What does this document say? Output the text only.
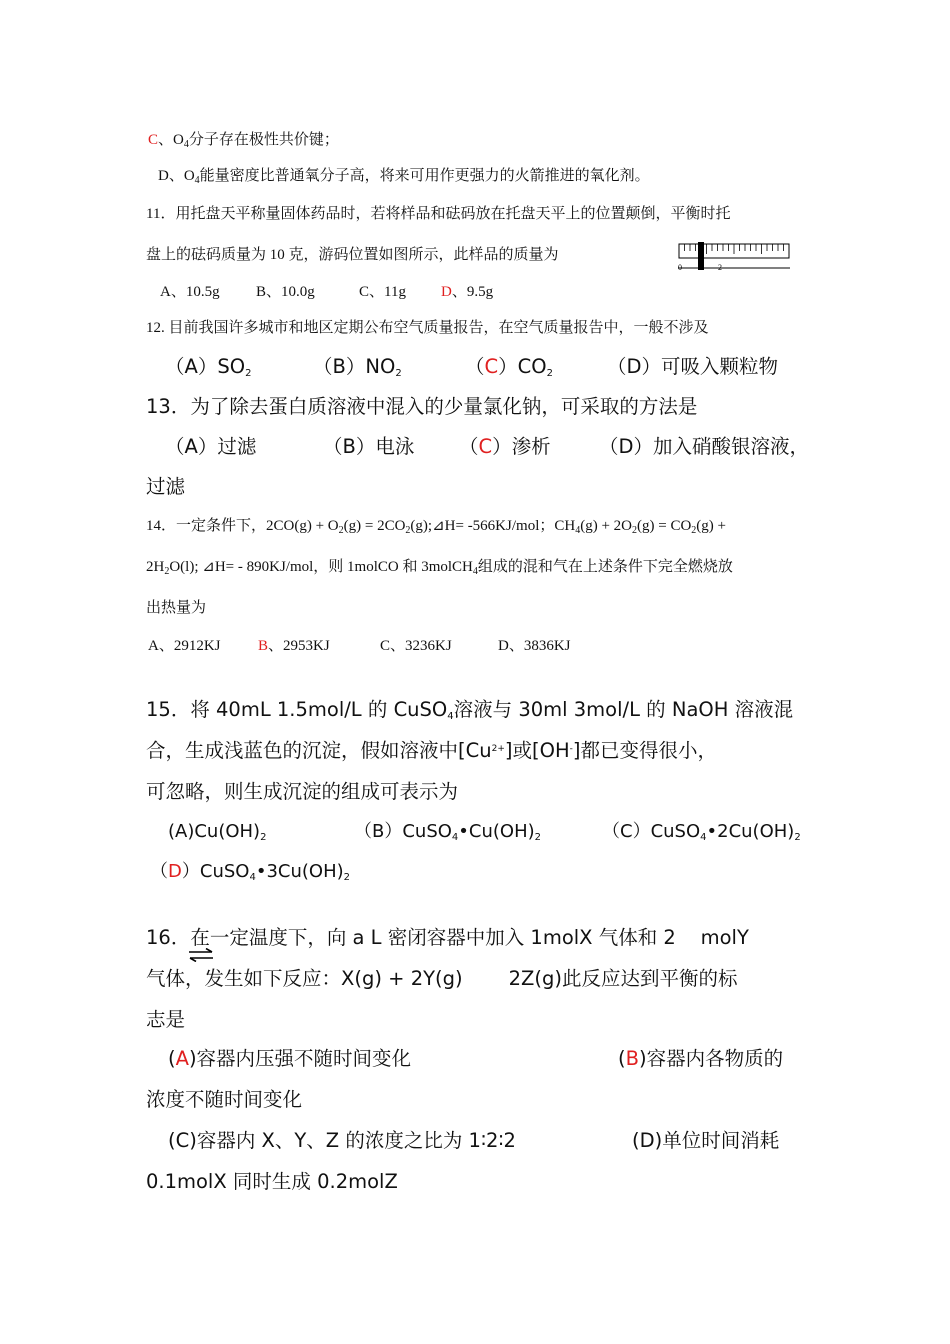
C、$O_4$分子存在极性共价键；
D、$O_4$能量密度比普通氧分子高，将来可用作更强力的火箭推进的氧化剂。
11．用托盘天平称量固体药品时，若将样品和砝码放在托盘天平上的位置颠倒，平衡时托
盘上的砝码质量为 10 克，游码位置如图所示，此样品的质量为
0	2
A、10.5g B、10.0g	C、11g D、9.5g
12. 目前我国许多城市和地区定期公布空气质量报告，在空气质量报告中，一般不涉及
$(A)SO_2$	$(B)NO_2$	$(C)CO_2$	（D）可吸入颗粒物
13．为了除去蛋白质溶液中混入的少量氯化钠，可采取的方法是
（A）过滤	（B）电泳 （C）渗析 （D）加入硝酸银溶液，
过滤
14．一定条件下，$2CO(g) + O_2(g)$ = $2CO_2(g);⊿H= -566KJ/mol$；$CH_4(g) + 2O_2(g) = CO_2(g)$ +
$2H_2O(l)$; ⊿H= - 890KJ/mol，则 1molCO 和 3molCH$_4$组成的混和气在上述条件下完全燃烧放
出热量为
A、2912KJ B、2953KJ	C、3236KJ	D、3836KJ
15．将 40mL 1.5mol/L 的 CuSO$_4$溶液与 30ml 3mol/L 的 NaOH 溶液混
合，生成浅蓝色的沉淀，假如溶液中$[Cu^{2+}]$或[OH-]都已变得很小，
可忽略，则生成沉淀的组成可表示为
$(A)Cu(OH)_2$	$(B)CuSO_4•Cu(OH)_2$	$(C)CuSO_4•2Cu(OH)_2$
$(D)CuSO_4•3Cu(OH)_2$
16．在一定温度下，向 a L 密闭容器中加入 1molX 气体和 2    molY
气体，发生如下反应：X(g) + 2Y(g) 2Z(g)此反应达到平衡的标
志是
(A)容器内压强不随时间变化	(B)容器内各物质的
浓度不随时间变化
(C)容器内 X、Y、Z 的浓度之比为 1∶2∶2	(D)单位时间消耗
0.1molX 同时生成 0.2molZ
